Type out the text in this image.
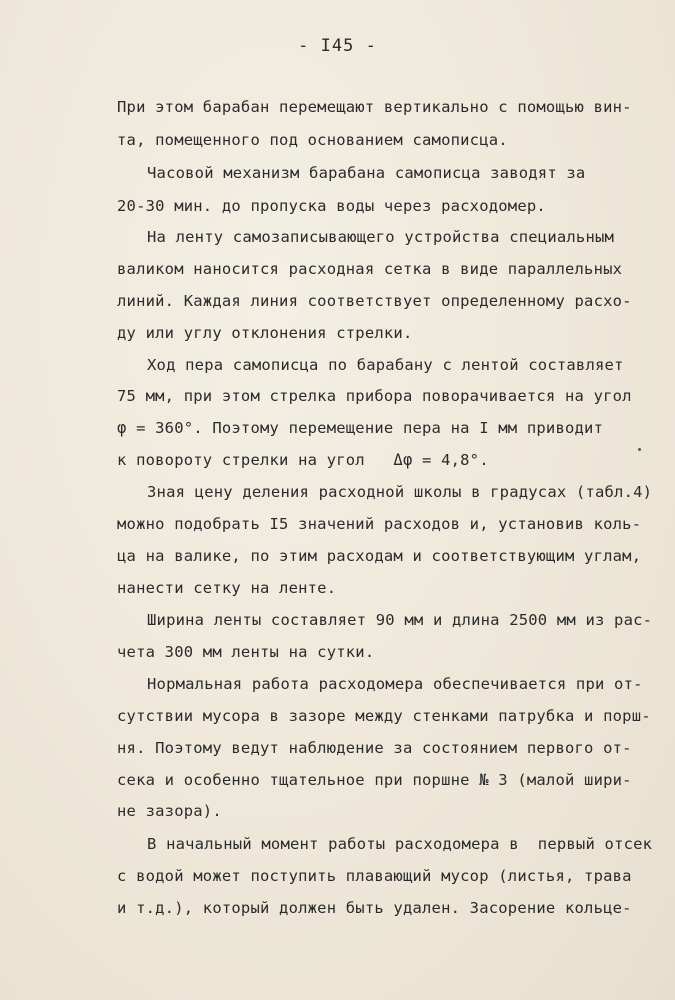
- I45 -
При этом барабан перемещают вертикально с помощью вин-
та, помещенного под основанием самописца.
Часовой механизм барабана самописца заводят за
20-30 мин. до пропуска воды через расходомер.
На ленту самозаписывающего устройства специальным
валиком наносится расходная сетка в виде параллельных
линий. Каждая линия соответствует определенному расхо-
ду или углу отклонения стрелки.
Ход пера самописца по барабану с лентой составляет
75 мм, при этом стрелка прибора поворачивается на угол
φ = 360°. Поэтому перемещение пера на I мм приводит
к повороту стрелки на угол   Δφ = 4,8°.
Зная цену деления расходной школы в градусах (табл.4)
можно подобрать I5 значений расходов и, установив коль-
ца на валике, по этим расходам и соответствующим углам,
нанести сетку на ленте.
Ширина ленты составляет 90 мм и длина 2500 мм из рас-
чета 300 мм ленты на сутки.
Нормальная работа расходомера обеспечивается при от-
сутствии мусора в зазоре между стенками патрубка и порш-
ня. Поэтому ведут наблюдение за состоянием первого от-
сека и особенно тщательное при поршне № 3 (малой шири-
не зазора).
В начальный момент работы расходомера в  первый отсек
с водой может поступить плавающий мусор (листья, трава
и т.д.), который должен быть удален. Засорение кольце-
